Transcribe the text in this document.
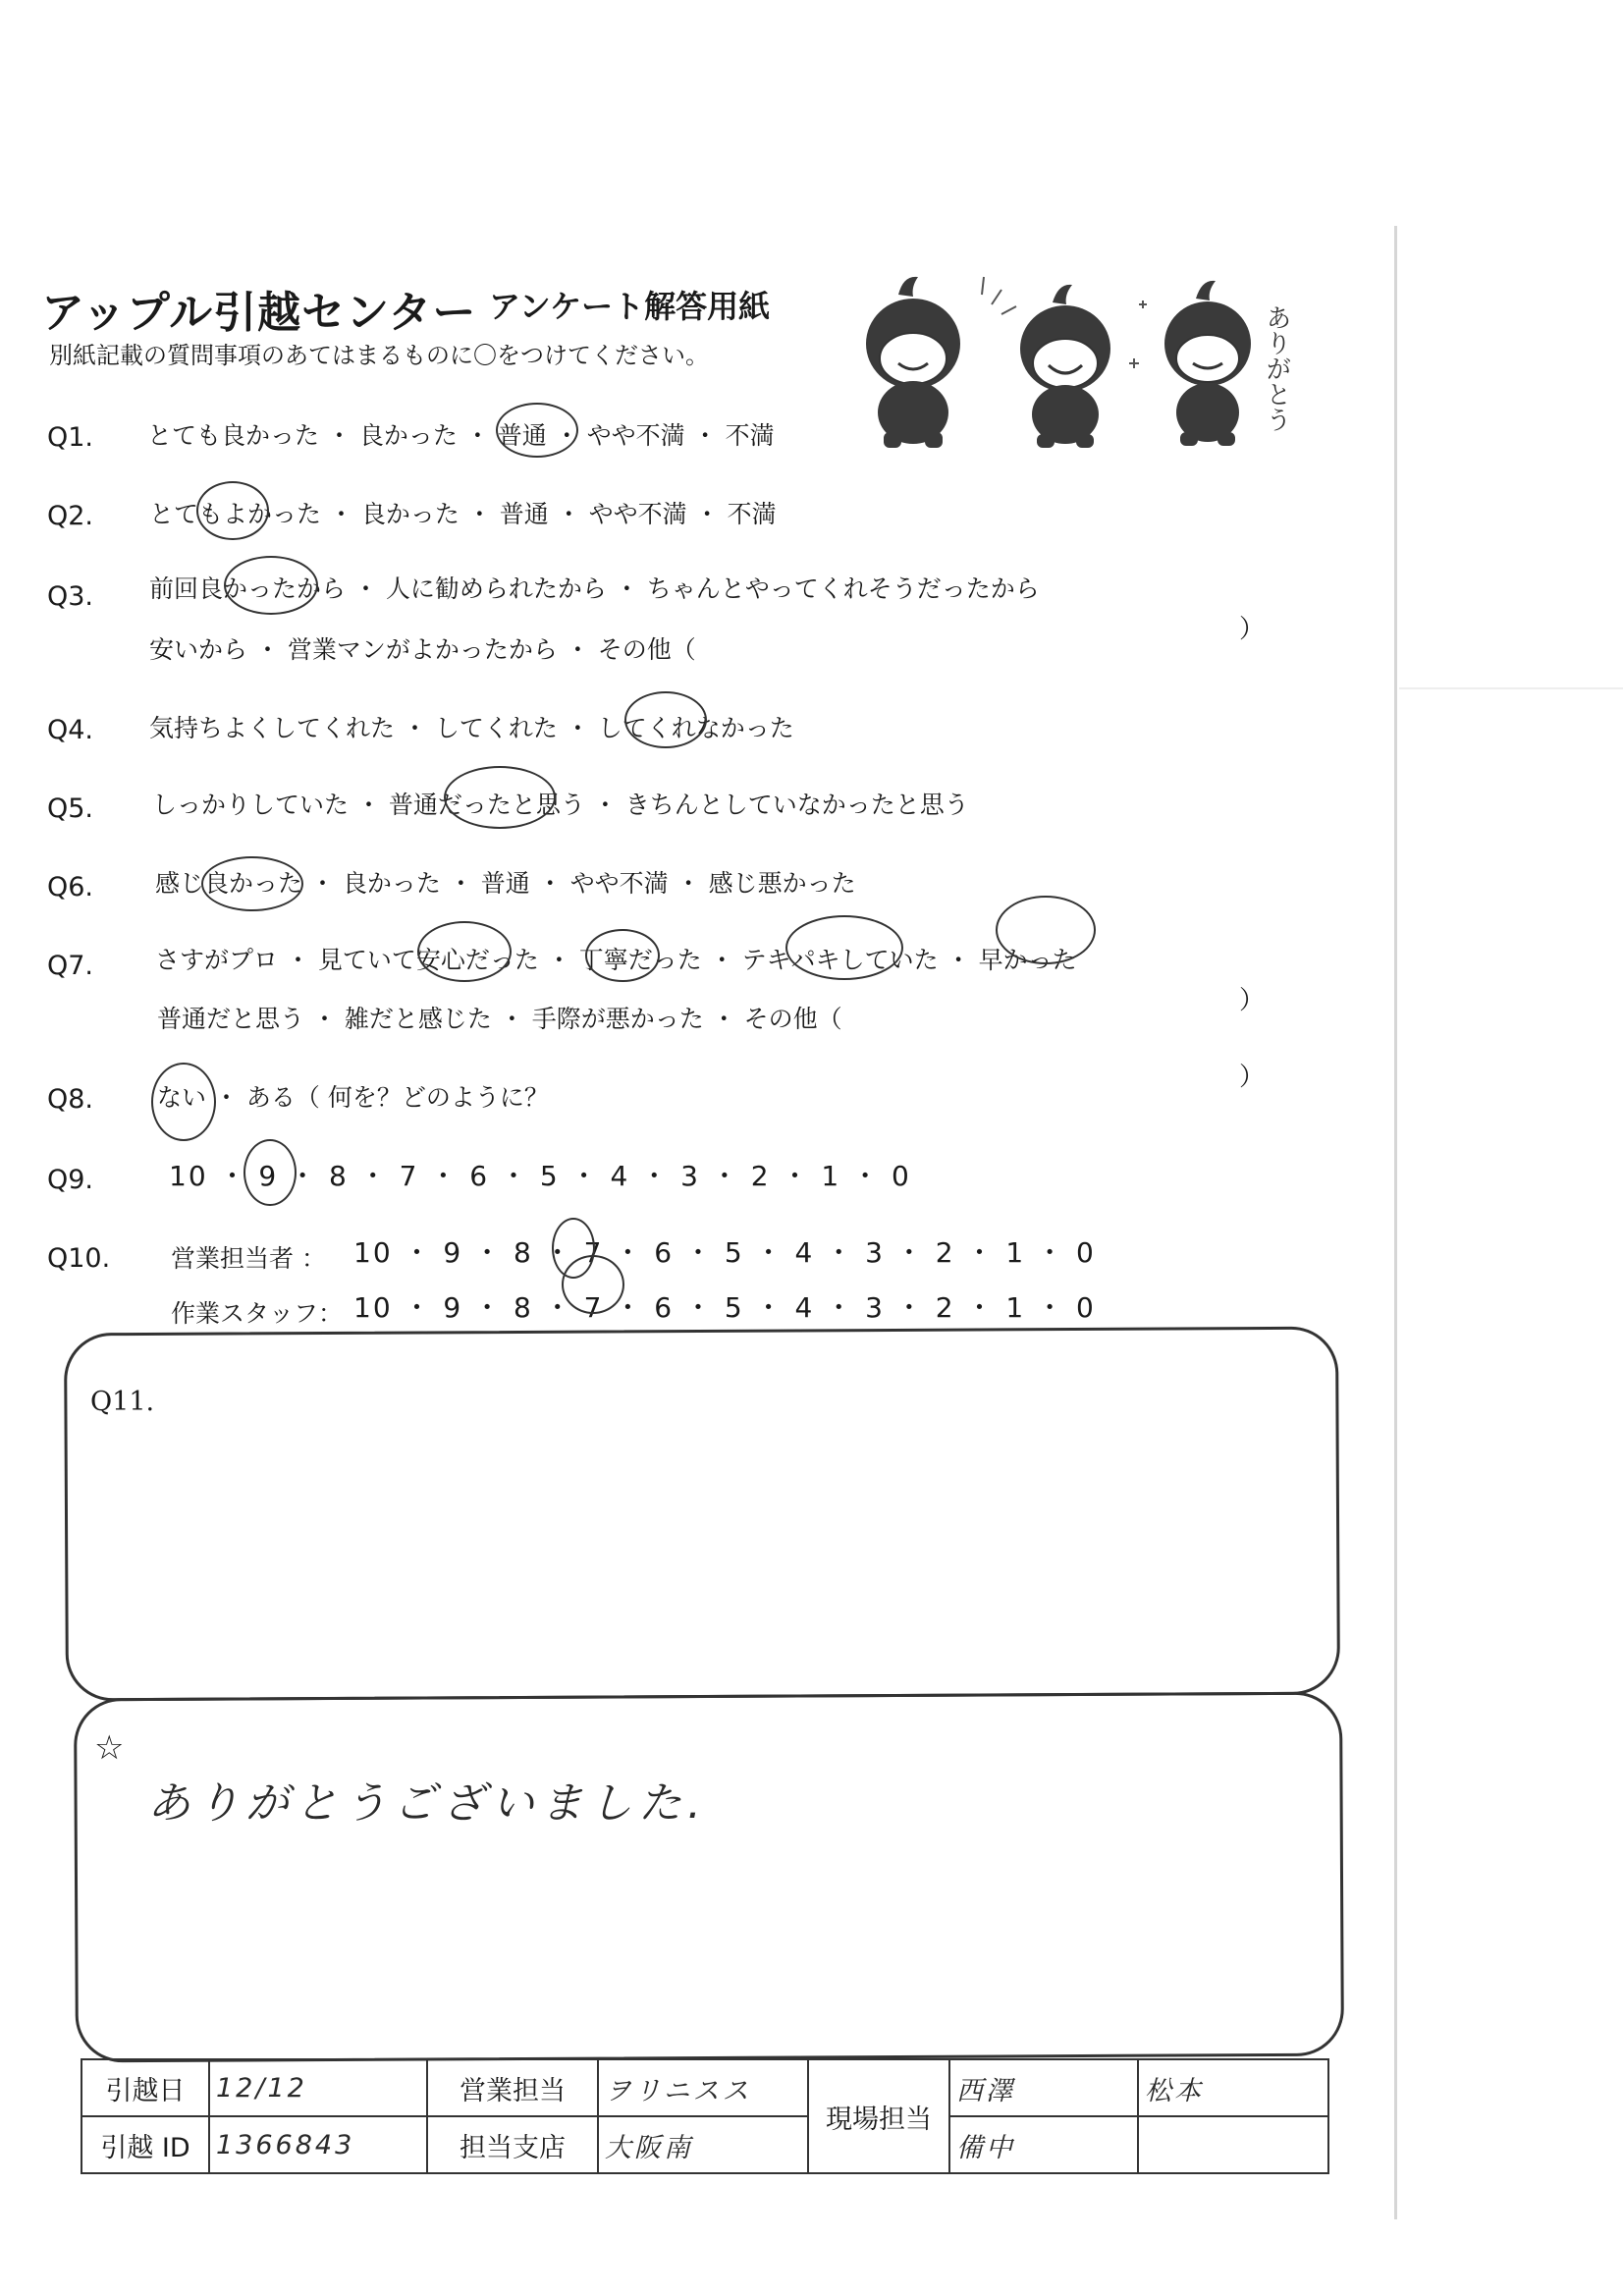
アップル引越センター アンケート解答用紙
別紙記載の質問事項のあてはまるものに〇をつけてください。	ありがとう
Q1. とても良かった ・ 良かった ・ 普通 ・ やや不満 ・ 不満
Q2. とてもよかった ・ 良かった ・ 普通 ・ やや不満 ・ 不満
Q3. 前回良かったから ・ 人に勧められたから ・ ちゃんとやってくれそうだったから
安いから ・ 営業マンがよかったから ・ その他（
）
Q4. 気持ちよくしてくれた ・ してくれた ・ してくれなかった
Q5. しっかりしていた ・ 普通だったと思う ・ きちんとしていなかったと思う
Q6.	感じ良かった ・ 良かった ・ 普通 ・ やや不満 ・ 感じ悪かった
Q7.	さすがプロ ・ 見ていて安心だった ・ 丁寧だった ・ テキパキしていた ・ 早かった
普通だと思う ・ 雑だと感じた ・ 手際が悪かった ・ その他（
）
Q8.	ない ・ ある（ 何を？どのように？
）
Q9.	10 ・ 9 ・ 8 ・ 7 ・ 6 ・ 5 ・ 4 ・ 3 ・ 2 ・ 1 ・ 0
Q10. 営業担当者 ： 10 ・ 9 ・ 8 ・ 7 ・ 6 ・ 5 ・ 4 ・ 3 ・ 2 ・ 1 ・ 0
作業スタッフ： 10 ・ 9 ・ 8 ・ 7 ・ 6 ・ 5 ・ 4 ・ 3 ・ 2 ・ 1 ・ 0
Q11.
☆
ありがとうございました.
引越日	12/12	営業担当	ヲリニスス	現場担当	西澤	松本
引越 ID	1366843	担当支店	大阪南		備中	
